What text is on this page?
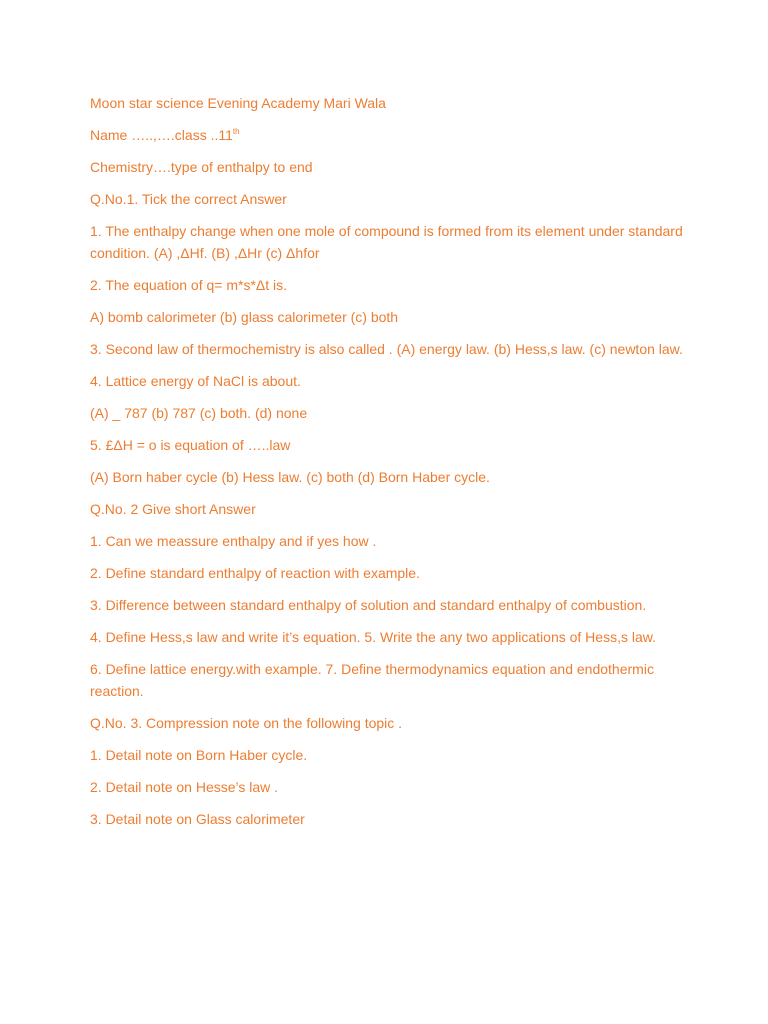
Moon star science Evening Academy Mari Wala

Name …..,….class ..11th

Chemistry….type of enthalpy to end

Q.No.1. Tick the correct Answer

1. The enthalpy change when one mole of compound is formed from its element under standard condition. (A) ,ΔHf. (B) ,ΔHr (c) Δhfor

2. The equation of q= m*s*Δt is.

A) bomb calorimeter (b) glass calorimeter (c) both

3. Second law of thermochemistry is also called . (A) energy law. (b) Hess,s law. (c) newton law.

4. Lattice energy of NaCl is about.

(A) _ 787 (b) 787 (c) both. (d) none

5. £ΔH = o is equation of …..law

(A) Born haber cycle (b) Hess law. (c) both (d) Born Haber cycle.

Q.No. 2 Give short Answer

1. Can we meassure enthalpy and if yes how .

2. Define standard enthalpy of reaction with example.

3. Difference between standard enthalpy of solution and standard enthalpy of combustion.

4. Define Hess,s law and write it’s equation. 5. Write the any two applications of Hess,s law.

6. Define lattice energy.with example. 7. Define thermodynamics equation and endothermic reaction.

Q.No. 3. Compression note on the following topic .

1. Detail note on Born Haber cycle.

2. Detail note on Hesse’s law .

3. Detail note on Glass calorimeter
